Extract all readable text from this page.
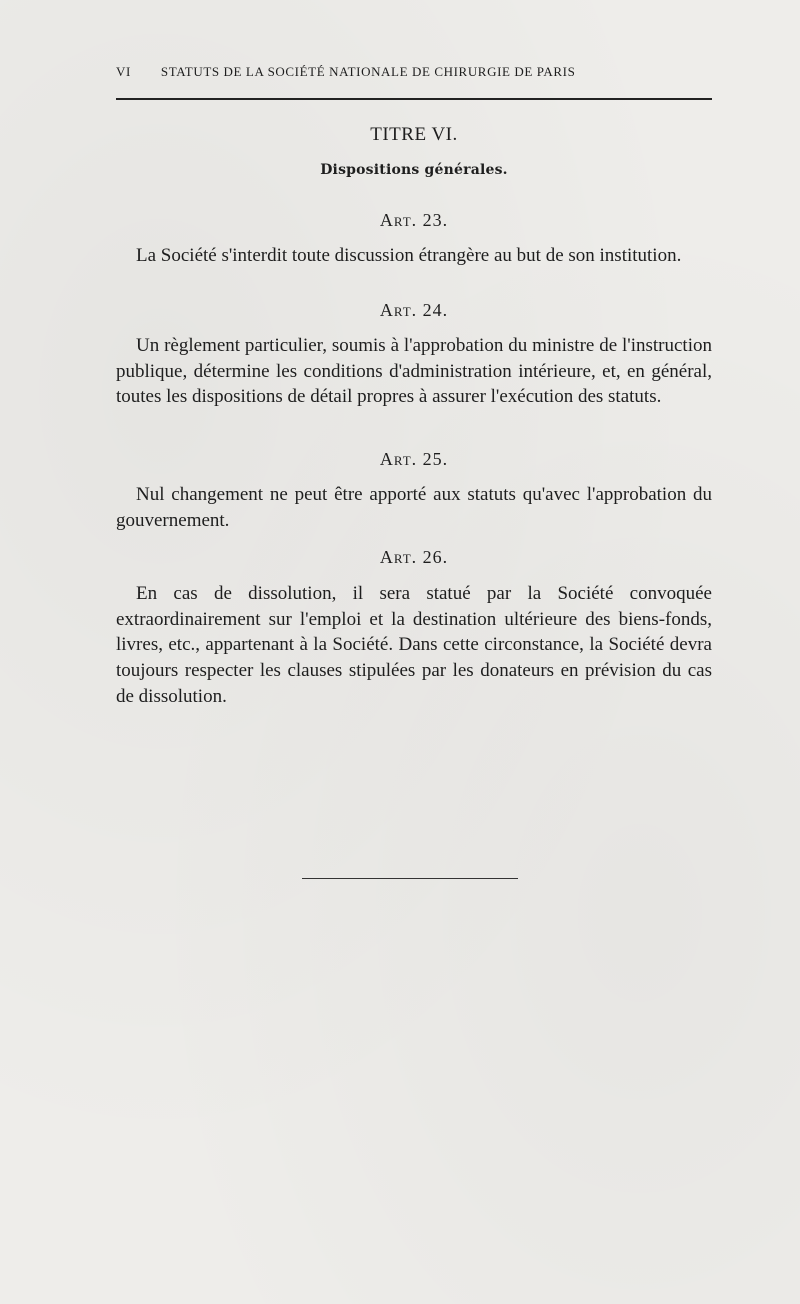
VI STATUTS DE LA SOCIÉTÉ NATIONALE DE CHIRURGIE DE PARIS
TITRE VI.
Dispositions générales.
Art. 23.

La Société s'interdit toute discussion étrangère au but de son institution.

Art. 24.

Un règlement particulier, soumis à l'approbation du ministre de l'instruction publique, détermine les conditions d'administration intérieure, et, en général, toutes les dispositions de détail propres à assurer l'exécution des statuts.

Art. 25.

Nul changement ne peut être apporté aux statuts qu'avec l'approbation du gouvernement.

Art. 26.

En cas de dissolution, il sera statué par la Société convoquée extraordinairement sur l'emploi et la destination ultérieure des biens-fonds, livres, etc., appartenant à la Société. Dans cette circonstance, la Société devra toujours respecter les clauses stipulées par les donateurs en prévision du cas de dissolution.
